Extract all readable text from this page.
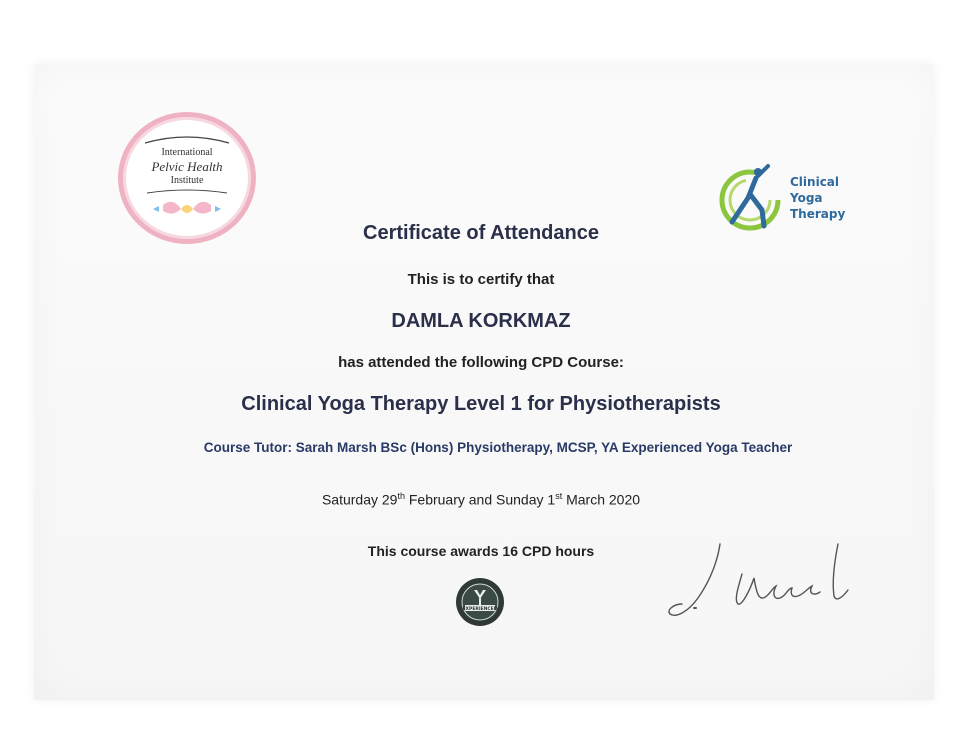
International
Pelvic Health
Institute	Clinical
Yoga
Therapy
Certificate of Attendance
This is to certify that
DAMLA KORKMAZ
has attended the following CPD Course:
Clinical Yoga Therapy Level 1 for Physiotherapists
Course Tutor: Sarah Marsh BSc (Hons) Physiotherapy, MCSP, YA Experienced Yoga Teacher
Saturday 29th February and Sunday 1st March 2020
This course awards 16 CPD hours
EXPERIENCED
